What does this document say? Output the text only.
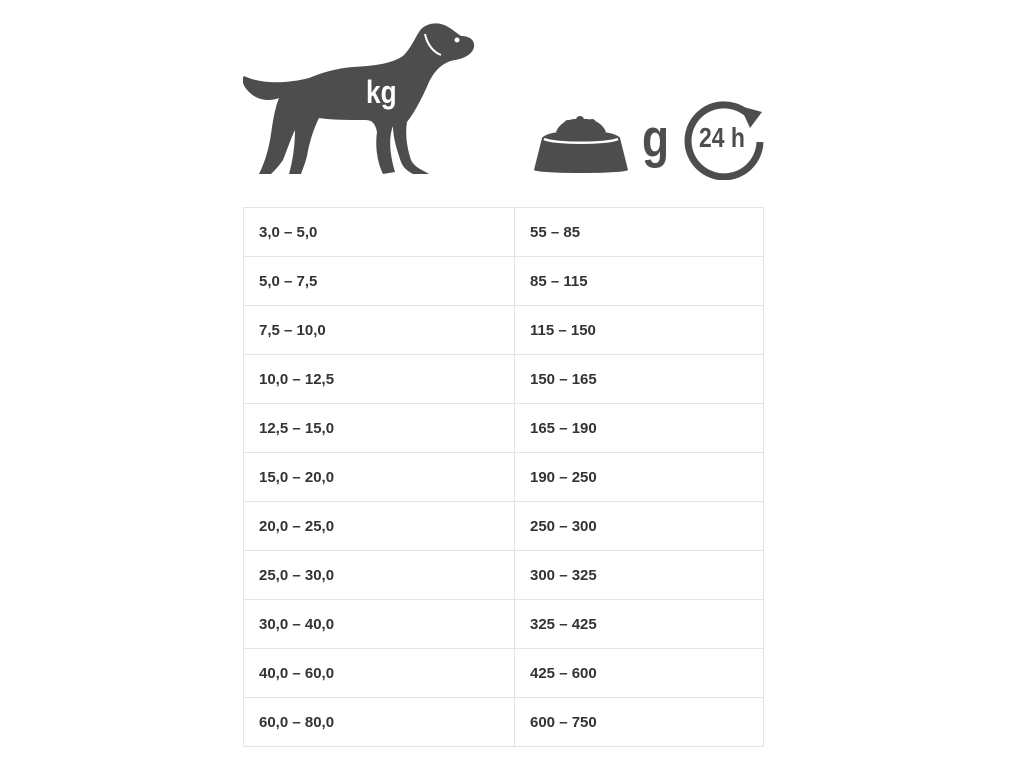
kg
g 24 h
3,0 – 5,0	55 – 85
5,0 – 7,5	85 – 115
7,5 – 10,0	115 – 150
10,0 – 12,5	150 – 165
12,5 – 15,0	165 – 190
15,0 – 20,0	190 – 250
20,0 – 25,0	250 – 300
25,0 – 30,0	300 – 325
30,0 – 40,0	325 – 425
40,0 – 60,0	425 – 600
60,0 – 80,0	600 – 750
